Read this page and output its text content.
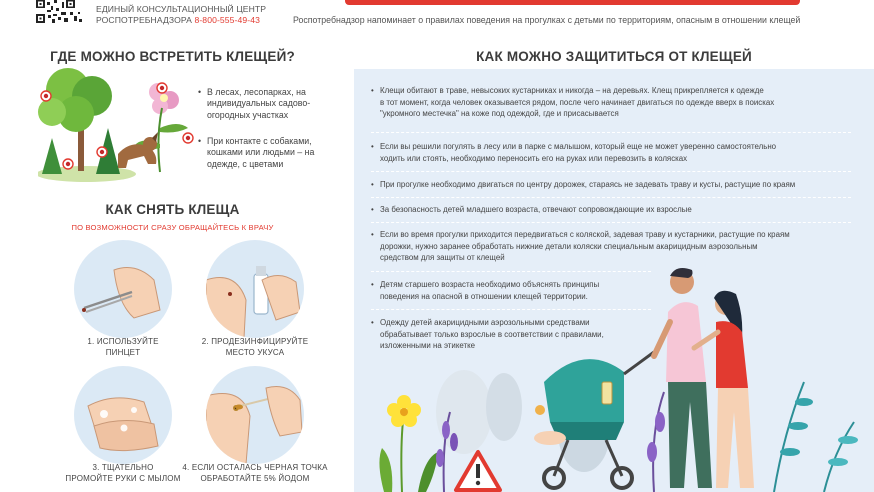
ЕДИНЫЙ КОНСУЛЬТАЦИОННЫЙ ЦЕНТР
РОСПОТРЕБНАДЗОРА 8-800-555-49-43	Роспотребнадзор напоминает о правилах поведения на прогулках с детьми по территориям, опасным в отношении клещей
ГДЕ МОЖНО ВСТРЕТИТЬ КЛЕЩЕЙ?
• В лесах, лесопарках, на индивидуальных садово-огородных участках
• При контакте с собаками, кошками или людьми – на одежде, с цветами
КАК СНЯТЬ КЛЕЩА
ПО ВОЗМОЖНОСТИ СРАЗУ ОБРАЩАЙТЕСЬ К ВРАЧУ
1. ИСПОЛЬЗУЙТЕ
ПИНЦЕТ
2. ПРОДЕЗИНФИЦИРУЙТЕ
МЕСТО УКУСА
3. ТЩАТЕЛЬНО
ПРОМОЙТЕ РУКИ С МЫЛОМ
4. ЕСЛИ ОСТАЛАСЬ ЧЕРНАЯ ТОЧКА
ОБРАБОТАЙТЕ 5% ЙОДОМ
КАК МОЖНО ЗАЩИТИТЬСЯ ОТ КЛЕЩЕЙ
• Клещи обитают в траве, невысоких кустарниках и никогда – на деревьях. Клещ прикрепляется к одежде
в тот момент, когда человек оказывается рядом, после чего начинает двигаться по одежде вверх в поисках
"укромного местечка" на коже под одеждой, где и присасывается
• Если вы решили погулять в лесу или в парке с малышом, который еще не может уверенно самостоятельно
ходить или стоять, необходимо переносить его на руках или перевозить в колясках
• При прогулке необходимо двигаться по центру дорожек, стараясь не задевать траву и кусты, растущие по краям
• За безопасность детей младшего возраста, отвечают сопровождающие их взрослые
• Если во время прогулки приходится передвигаться с коляской, задевая траву и кустарники, растущие по краям
дорожки, нужно заранее обработать нижние детали коляски специальным акарицидным аэрозольным
средством для защиты от клещей
• Детям старшего возраста необходимо объяснять принципы
поведения на опасной в отношении клещей территории.
• Одежду детей акарицидными аэрозольными средствами
обрабатывает только взрослые в соответствии с правилами,
изложенными на этикетке
